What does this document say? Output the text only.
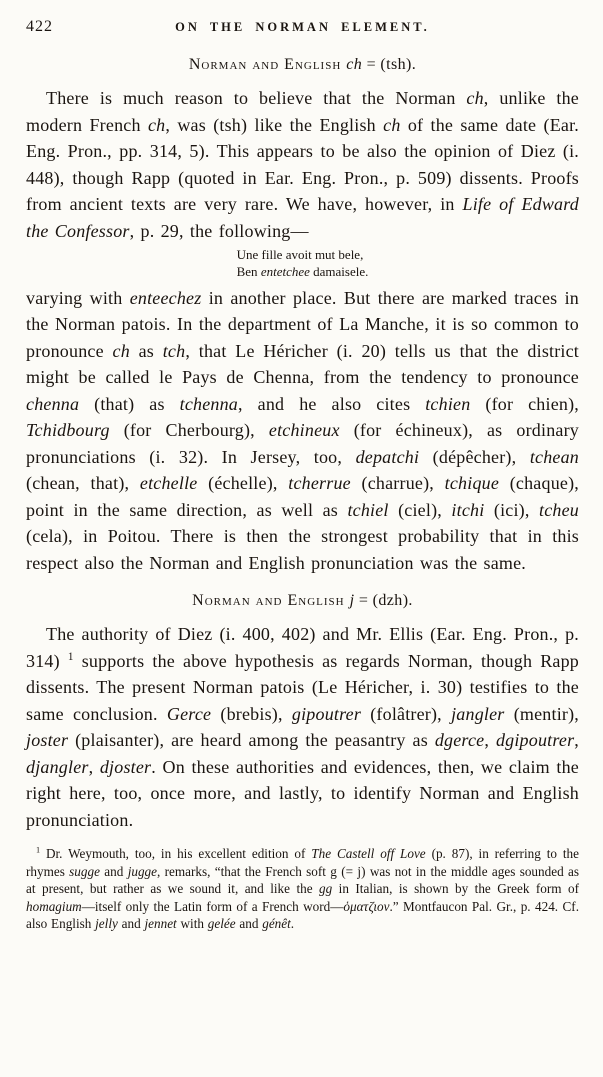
422	ON THE NORMAN ELEMENT.
Norman and English ch = (tsh).

There is much reason to believe that the Norman ch, unlike the modern French ch, was (tsh) like the English ch of the same date (Ear. Eng. Pron., pp. 314, 5). This appears to be also the opinion of Diez (i. 448), though Rapp (quoted in Ear. Eng. Pron., p. 509) dissents. Proofs from ancient texts are very rare. We have, however, in Life of Edward the Confessor, p. 29, the following—

Une fille avoit mut bele,
Ben entetchee damaisele.

varying with enteechez in another place. But there are marked traces in the Norman patois. In the department of La Manche, it is so common to pronounce ch as tch, that Le Héricher (i. 20) tells us that the district might be called le Pays de Chenna, from the tendency to pronounce chenna (that) as tchenna, and he also cites tchien (for chien), Tchidbourg (for Cherbourg), etchineux (for échineux), as ordinary pronunciations (i. 32). In Jersey, too, depatchi (dépêcher), tchean (chean, that), etchelle (échelle), tcherrue (charrue), tchique (chaque), point in the same direction, as well as tchiel (ciel), itchi (ici), tcheu (cela), in Poitou. There is then the strongest probability that in this respect also the Norman and English pronunciation was the same.

Norman and English j = (dzh).

The authority of Diez (i. 400, 402) and Mr. Ellis (Ear. Eng. Pron., p. 314) $^1$ supports the above hypothesis as regards Norman, though Rapp dissents. The present Norman patois (Le Héricher, i. 30) testifies to the same conclusion. Gerce (brebis), gipoutrer (folâtrer), jangler (mentir), joster (plaisanter), are heard among the peasantry as dgerce, dgipoutrer, djangler, djoster. On these authorities and evidences, then, we claim the right here, too, once more, and lastly, to identify Norman and English pronunciation.

$^1$ Dr. Weymouth, too, in his excellent edition of The Castell off Love (p. 87), in referring to the rhymes sugge and jugge, remarks, “that the French soft g (= j) was not in the middle ages sounded as at present, but rather as we sound it, and like the gg in Italian, is shown by the Greek form of homagium—itself only the Latin form of a French word—ὁματζιον.” Montfaucon Pal. Gr., p. 424. Cf. also English jelly and jennet with gelée and génêt.
